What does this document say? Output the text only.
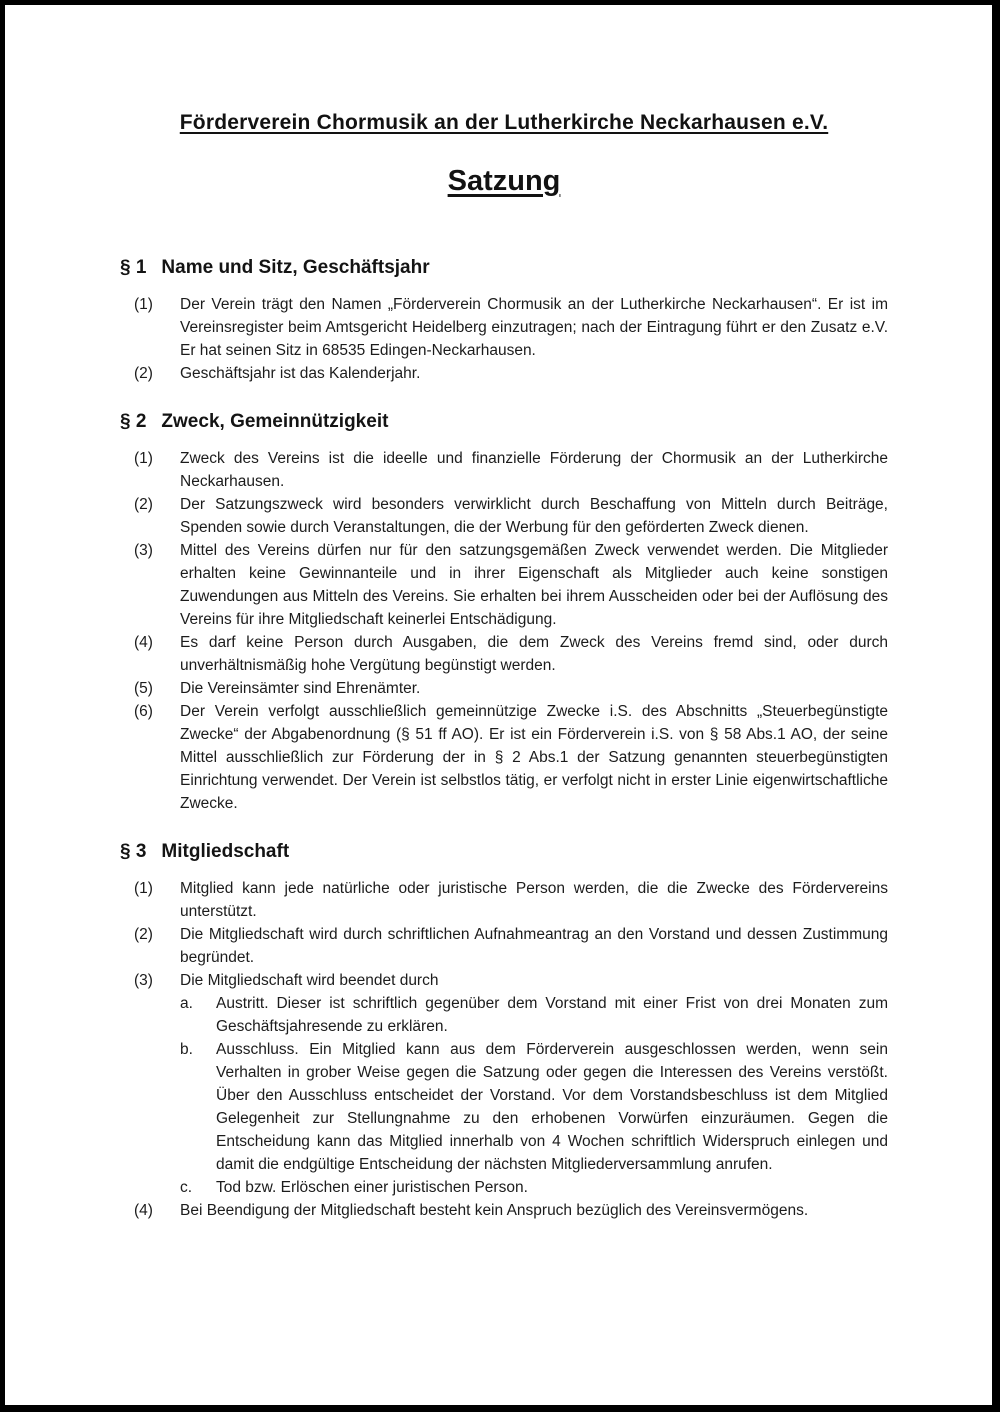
Förderverein Chormusik an der Lutherkirche Neckarhausen e.V.
Satzung
§ 1 Name und Sitz, Geschäftsjahr
(1)	Der Verein trägt den Namen „Förderverein Chormusik an der Lutherkirche Neckarhausen“. Er ist im Vereinsregister beim Amtsgericht Heidelberg einzutragen; nach der Eintragung führt er den Zusatz e.V. Er hat seinen Sitz in 68535 Edingen-Neckarhausen.
(2)	Geschäftsjahr ist das Kalenderjahr.
§ 2 Zweck, Gemeinnützigkeit
(1)	Zweck des Vereins ist die ideelle und finanzielle Förderung der Chormusik an der Lutherkirche Neckarhausen.
(2)	Der Satzungszweck wird besonders verwirklicht durch Beschaffung von Mitteln durch Beiträge, Spenden sowie durch Veranstaltungen, die der Werbung für den geförderten Zweck dienen.
(3)	Mittel des Vereins dürfen nur für den satzungsgemäßen Zweck verwendet werden. Die Mitglieder erhalten keine Gewinnanteile und in ihrer Eigenschaft als Mitglieder auch keine sonstigen Zuwendungen aus Mitteln des Vereins. Sie erhalten bei ihrem Ausscheiden oder bei der Auflösung des Vereins für ihre Mitgliedschaft keinerlei Entschädigung.
(4)	Es darf keine Person durch Ausgaben, die dem Zweck des Vereins fremd sind, oder durch unverhältnismäßig hohe Vergütung begünstigt werden.
(5)	Die Vereinsämter sind Ehrenämter.
(6)	Der Verein verfolgt ausschließlich gemeinnützige Zwecke i.S. des Abschnitts „Steuerbegünstigte Zwecke“ der Abgabenordnung (§ 51 ff AO). Er ist ein Förderverein i.S. von § 58 Abs.1 AO, der seine Mittel ausschließlich zur Förderung der in § 2 Abs.1 der Satzung genannten steuerbegünstigten Einrichtung verwendet. Der Verein ist selbstlos tätig, er verfolgt nicht in erster Linie eigenwirtschaftliche Zwecke.
§ 3 Mitgliedschaft
(1)	Mitglied kann jede natürliche oder juristische Person werden, die die Zwecke des Fördervereins unterstützt.
(2)	Die Mitgliedschaft wird durch schriftlichen Aufnahmeantrag an den Vorstand und dessen Zustimmung begründet.
(3)	Die Mitgliedschaft wird beendet durch
a.	Austritt. Dieser ist schriftlich gegenüber dem Vorstand mit einer Frist von drei Monaten zum Geschäftsjahresende zu erklären.
b.	Ausschluss. Ein Mitglied kann aus dem Förderverein ausgeschlossen werden, wenn sein Verhalten in grober Weise gegen die Satzung oder gegen die Interessen des Vereins verstößt. Über den Ausschluss entscheidet der Vorstand. Vor dem Vorstandsbeschluss ist dem Mitglied Gelegenheit zur Stellungnahme zu den erhobenen Vorwürfen einzuräumen. Gegen die Entscheidung kann das Mitglied innerhalb von 4 Wochen schriftlich Widerspruch einlegen und damit die endgültige Entscheidung der nächsten Mitgliederversammlung anrufen.
c.	Tod bzw. Erlöschen einer juristischen Person.
(4)	Bei Beendigung der Mitgliedschaft besteht kein Anspruch bezüglich des Vereinsvermögens.
